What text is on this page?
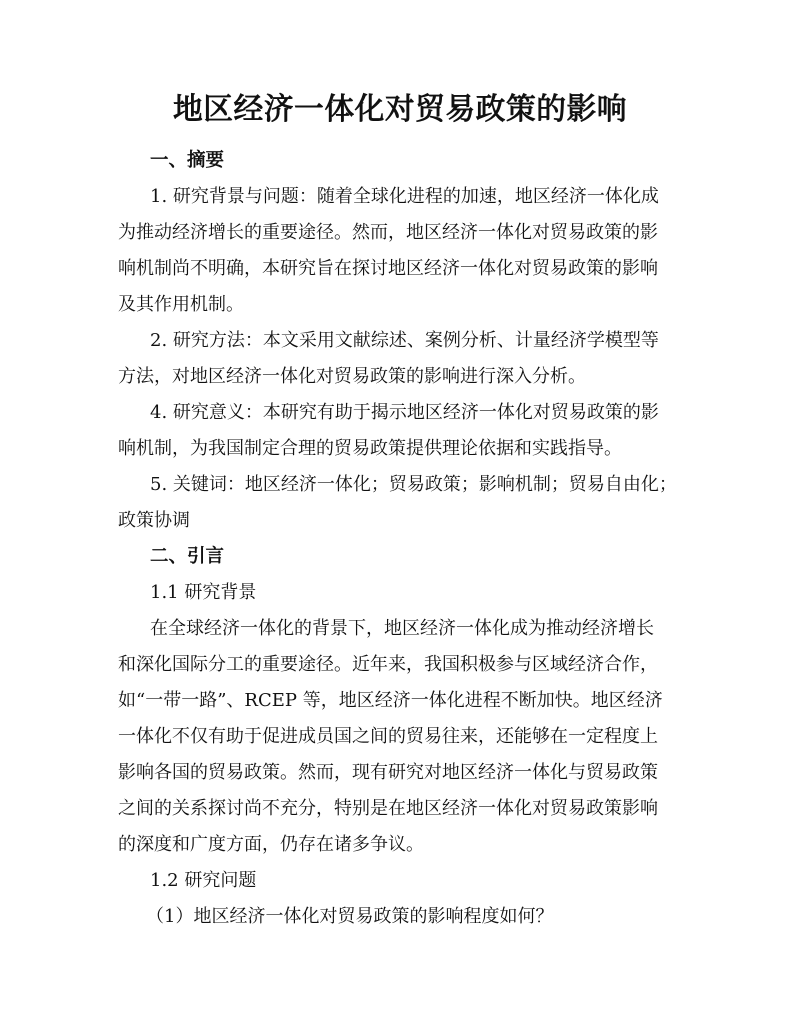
地区经济一体化对贸易政策的影响
一、摘要
1. 研究背景与问题：随着全球化进程的加速，地区经济一体化成
为推动经济增长的重要途径。然而，地区经济一体化对贸易政策的影
响机制尚不明确，本研究旨在探讨地区经济一体化对贸易政策的影响
及其作用机制。
2. 研究方法：本文采用文献综述、案例分析、计量经济学模型等
方法，对地区经济一体化对贸易政策的影响进行深入分析。
4. 研究意义：本研究有助于揭示地区经济一体化对贸易政策的影
响机制，为我国制定合理的贸易政策提供理论依据和实践指导。
5. 关键词：地区经济一体化；贸易政策；影响机制；贸易自由化；
政策协调
二、引言
1.1 研究背景
在全球经济一体化的背景下，地区经济一体化成为推动经济增长
和深化国际分工的重要途径。近年来，我国积极参与区域经济合作，
如“一带一路”、RCEP 等，地区经济一体化进程不断加快。地区经济
一体化不仅有助于促进成员国之间的贸易往来，还能够在一定程度上
影响各国的贸易政策。然而，现有研究对地区经济一体化与贸易政策
之间的关系探讨尚不充分，特别是在地区经济一体化对贸易政策影响
的深度和广度方面，仍存在诸多争议。
1.2 研究问题
（1）地区经济一体化对贸易政策的影响程度如何？
